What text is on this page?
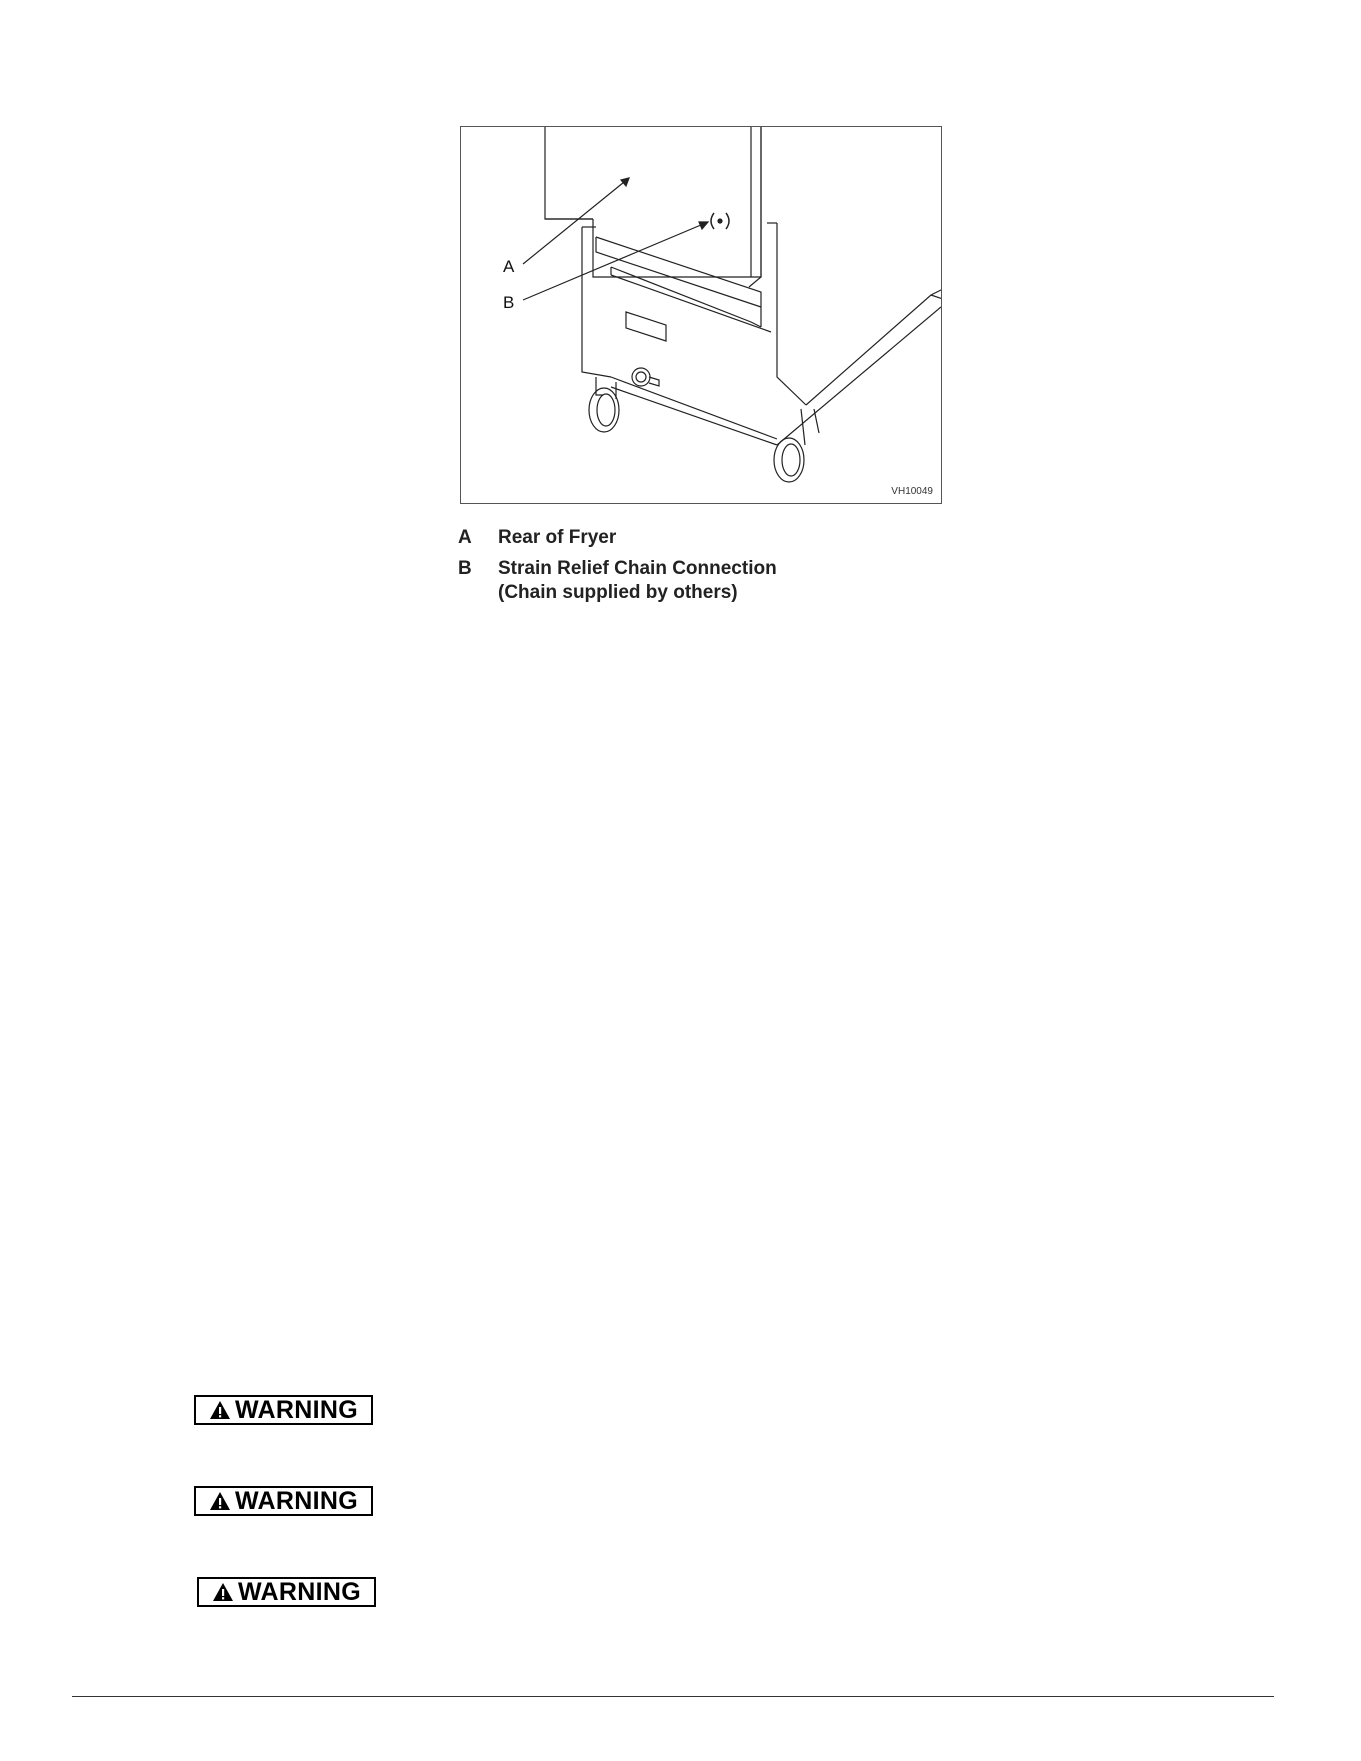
A
B
VH10049
A	Rear of Fryer
B	Strain Relief Chain Connection
(Chain supplied by others)
WARNING
WARNING
WARNING
